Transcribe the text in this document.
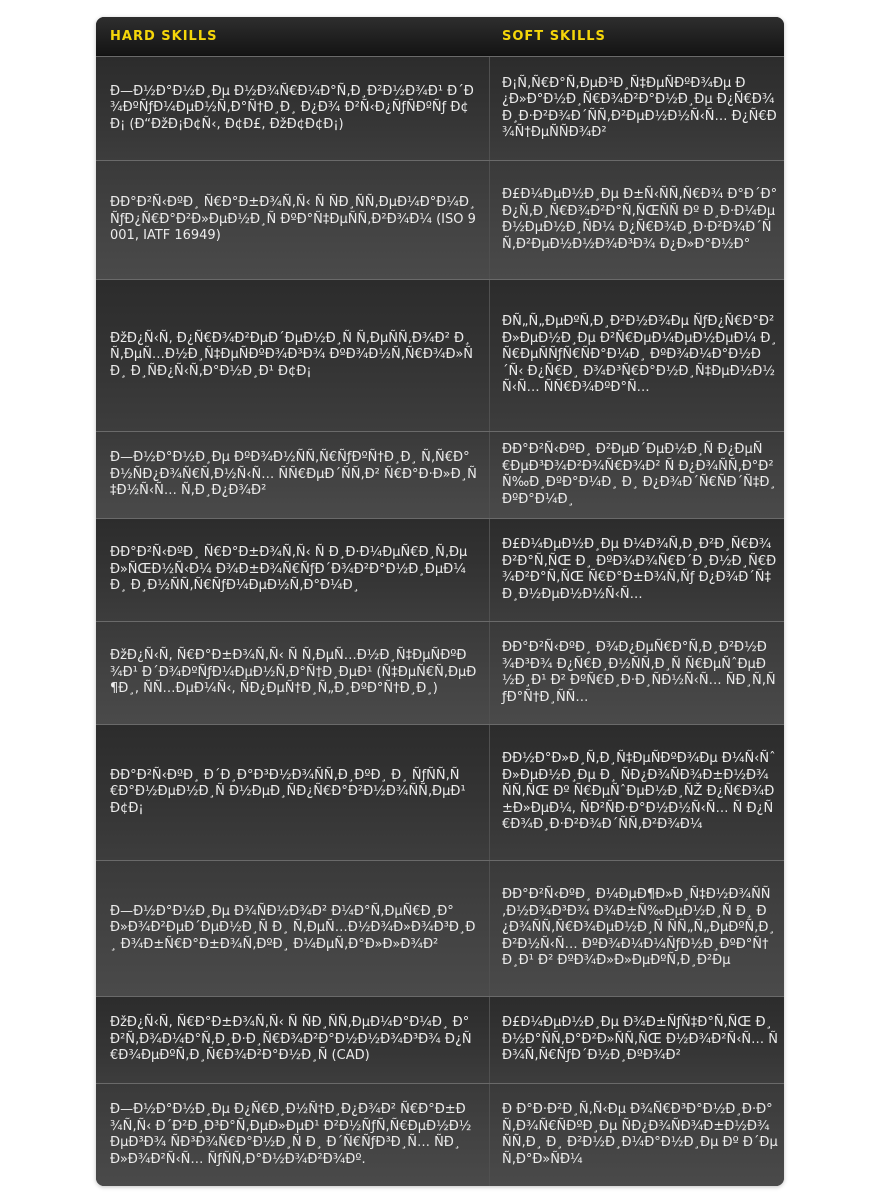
HARD SKILLS	SOFT SKILLS
Ð—Ð½Ð°Ð½Ð¸Ðµ Ð½Ð¾Ñ€Ð¼Ð°Ñ‚Ð¸Ð²Ð½Ð¾Ð¹ Ð´Ð¾ÐºÑƒÐ¼ÐµÐ½Ñ‚Ð°Ñ†Ð¸Ð¸ Ð¿Ð¾ Ð²Ñ‹Ð¿ÑƒÑÐºÑƒ Ð¢Ð¡ (Ð“ÐžÐ¡Ð¢Ñ‹, Ð¢Ð£, ÐžÐ¢Ð¢Ð¡)
Ð¡Ñ‚Ñ€Ð°Ñ‚ÐµÐ³Ð¸Ñ‡ÐµÑÐºÐ¾Ðµ Ð¿Ð»Ð°Ð½Ð¸Ñ€Ð¾Ð²Ð°Ð½Ð¸Ðµ Ð¿Ñ€Ð¾Ð¸Ð·Ð²Ð¾Ð´ÑÑ‚Ð²ÐµÐ½Ð½Ñ‹Ñ… Ð¿Ñ€Ð¾Ñ†ÐµÑÑÐ¾Ð²
ÐÐ°Ð²Ñ‹ÐºÐ¸ Ñ€Ð°Ð±Ð¾Ñ‚Ñ‹ Ñ ÑÐ¸ÑÑ‚ÐµÐ¼Ð°Ð¼Ð¸ ÑƒÐ¿Ñ€Ð°Ð²Ð»ÐµÐ½Ð¸Ñ ÐºÐ°Ñ‡ÐµÑÑ‚Ð²Ð¾Ð¼ (ISO 9001, IATF 16949)
Ð£Ð¼ÐµÐ½Ð¸Ðµ Ð±Ñ‹ÑÑ‚Ñ€Ð¾ Ð°Ð´Ð°Ð¿Ñ‚Ð¸Ñ€Ð¾Ð²Ð°Ñ‚ÑŒÑÑ Ðº Ð¸Ð·Ð¼ÐµÐ½ÐµÐ½Ð¸ÑÐ¼ Ð¿Ñ€Ð¾Ð¸Ð·Ð²Ð¾Ð´ÑÑ‚Ð²ÐµÐ½Ð½Ð¾Ð³Ð¾ Ð¿Ð»Ð°Ð½Ð°
ÐžÐ¿Ñ‹Ñ‚ Ð¿Ñ€Ð¾Ð²ÐµÐ´ÐµÐ½Ð¸Ñ Ñ‚ÐµÑÑ‚Ð¾Ð² Ð¸ Ñ‚ÐµÑ…Ð½Ð¸Ñ‡ÐµÑÐºÐ¾Ð³Ð¾ ÐºÐ¾Ð½Ñ‚Ñ€Ð¾Ð»Ñ Ð¸ Ð¸ÑÐ¿Ñ‹Ñ‚Ð°Ð½Ð¸Ð¹ Ð¢Ð¡
ÐÑ„Ñ„ÐµÐºÑ‚Ð¸Ð²Ð½Ð¾Ðµ ÑƒÐ¿Ñ€Ð°Ð²Ð»ÐµÐ½Ð¸Ðµ Ð²Ñ€ÐµÐ¼ÐµÐ½ÐµÐ¼ Ð¸ Ñ€ÐµÑÑƒÑ€ÑÐ°Ð¼Ð¸ ÐºÐ¾Ð¼Ð°Ð½Ð´Ñ‹ Ð¿Ñ€Ð¸ Ð¾Ð³Ñ€Ð°Ð½Ð¸Ñ‡ÐµÐ½Ð½Ñ‹Ñ… ÑÑ€Ð¾ÐºÐ°Ñ…
Ð—Ð½Ð°Ð½Ð¸Ðµ ÐºÐ¾Ð½ÑÑ‚Ñ€ÑƒÐºÑ†Ð¸Ð¸ Ñ‚Ñ€Ð°Ð½ÑÐ¿Ð¾Ñ€Ñ‚Ð½Ñ‹Ñ… ÑÑ€ÐµÐ´ÑÑ‚Ð² Ñ€Ð°Ð·Ð»Ð¸Ñ‡Ð½Ñ‹Ñ… Ñ‚Ð¸Ð¿Ð¾Ð²
ÐÐ°Ð²Ñ‹ÐºÐ¸ Ð²ÐµÐ´ÐµÐ½Ð¸Ñ Ð¿ÐµÑ€ÐµÐ³Ð¾Ð²Ð¾Ñ€Ð¾Ð² Ñ Ð¿Ð¾ÑÑ‚Ð°Ð²Ñ‰Ð¸ÐºÐ°Ð¼Ð¸ Ð¸ Ð¿Ð¾Ð´Ñ€ÑÐ´Ñ‡Ð¸ÐºÐ°Ð¼Ð¸
ÐÐ°Ð²Ñ‹ÐºÐ¸ Ñ€Ð°Ð±Ð¾Ñ‚Ñ‹ Ñ Ð¸Ð·Ð¼ÐµÑ€Ð¸Ñ‚ÐµÐ»ÑŒÐ½Ñ‹Ð¼ Ð¾Ð±Ð¾Ñ€ÑƒÐ´Ð¾Ð²Ð°Ð½Ð¸ÐµÐ¼ Ð¸ Ð¸Ð½ÑÑ‚Ñ€ÑƒÐ¼ÐµÐ½Ñ‚Ð°Ð¼Ð¸
Ð£Ð¼ÐµÐ½Ð¸Ðµ Ð¼Ð¾Ñ‚Ð¸Ð²Ð¸Ñ€Ð¾Ð²Ð°Ñ‚ÑŒ Ð¸ ÐºÐ¾Ð¾Ñ€Ð´Ð¸Ð½Ð¸Ñ€Ð¾Ð²Ð°Ñ‚ÑŒ Ñ€Ð°Ð±Ð¾Ñ‚Ñƒ Ð¿Ð¾Ð´Ñ‡Ð¸Ð½ÐµÐ½Ð½Ñ‹Ñ…
ÐžÐ¿Ñ‹Ñ‚ Ñ€Ð°Ð±Ð¾Ñ‚Ñ‹ Ñ Ñ‚ÐµÑ…Ð½Ð¸Ñ‡ÐµÑÐºÐ¾Ð¹ Ð´Ð¾ÐºÑƒÐ¼ÐµÐ½Ñ‚Ð°Ñ†Ð¸ÐµÐ¹ (Ñ‡ÐµÑ€Ñ‚ÐµÐ¶Ð¸, ÑÑ…ÐµÐ¼Ñ‹, ÑÐ¿ÐµÑ†Ð¸Ñ„Ð¸ÐºÐ°Ñ†Ð¸Ð¸)
ÐÐ°Ð²Ñ‹ÐºÐ¸ Ð¾Ð¿ÐµÑ€Ð°Ñ‚Ð¸Ð²Ð½Ð¾Ð³Ð¾ Ð¿Ñ€Ð¸Ð½ÑÑ‚Ð¸Ñ Ñ€ÐµÑˆÐµÐ½Ð¸Ð¹ Ð² ÐºÑ€Ð¸Ð·Ð¸ÑÐ½Ñ‹Ñ… ÑÐ¸Ñ‚ÑƒÐ°Ñ†Ð¸ÑÑ…
ÐÐ°Ð²Ñ‹ÐºÐ¸ Ð´Ð¸Ð°Ð³Ð½Ð¾ÑÑ‚Ð¸ÐºÐ¸ Ð¸ ÑƒÑÑ‚Ñ€Ð°Ð½ÐµÐ½Ð¸Ñ Ð½ÐµÐ¸ÑÐ¿Ñ€Ð°Ð²Ð½Ð¾ÑÑ‚ÐµÐ¹ Ð¢Ð¡
ÐÐ½Ð°Ð»Ð¸Ñ‚Ð¸Ñ‡ÐµÑÐºÐ¾Ðµ Ð¼Ñ‹ÑˆÐ»ÐµÐ½Ð¸Ðµ Ð¸ ÑÐ¿Ð¾ÑÐ¾Ð±Ð½Ð¾ÑÑ‚ÑŒ Ðº Ñ€ÐµÑˆÐµÐ½Ð¸ÑŽ Ð¿Ñ€Ð¾Ð±Ð»ÐµÐ¼, ÑÐ²ÑÐ·Ð°Ð½Ð½Ñ‹Ñ… Ñ Ð¿Ñ€Ð¾Ð¸Ð·Ð²Ð¾Ð´ÑÑ‚Ð²Ð¾Ð¼
Ð—Ð½Ð°Ð½Ð¸Ðµ Ð¾ÑÐ½Ð¾Ð² Ð¼Ð°Ñ‚ÐµÑ€Ð¸Ð°Ð»Ð¾Ð²ÐµÐ´ÐµÐ½Ð¸Ñ Ð¸ Ñ‚ÐµÑ…Ð½Ð¾Ð»Ð¾Ð³Ð¸Ð¸ Ð¾Ð±Ñ€Ð°Ð±Ð¾Ñ‚ÐºÐ¸ Ð¼ÐµÑ‚Ð°Ð»Ð»Ð¾Ð²
ÐÐ°Ð²Ñ‹ÐºÐ¸ Ð¼ÐµÐ¶Ð»Ð¸Ñ‡Ð½Ð¾ÑÑ‚Ð½Ð¾Ð³Ð¾ Ð¾Ð±Ñ‰ÐµÐ½Ð¸Ñ Ð¸ Ð¿Ð¾ÑÑ‚Ñ€Ð¾ÐµÐ½Ð¸Ñ ÑÑ„Ñ„ÐµÐºÑ‚Ð¸Ð²Ð½Ñ‹Ñ… ÐºÐ¾Ð¼Ð¼ÑƒÐ½Ð¸ÐºÐ°Ñ†Ð¸Ð¹ Ð² ÐºÐ¾Ð»Ð»ÐµÐºÑ‚Ð¸Ð²Ðµ
ÐžÐ¿Ñ‹Ñ‚ Ñ€Ð°Ð±Ð¾Ñ‚Ñ‹ Ñ ÑÐ¸ÑÑ‚ÐµÐ¼Ð°Ð¼Ð¸ Ð°Ð²Ñ‚Ð¾Ð¼Ð°Ñ‚Ð¸Ð·Ð¸Ñ€Ð¾Ð²Ð°Ð½Ð½Ð¾Ð³Ð¾ Ð¿Ñ€Ð¾ÐµÐºÑ‚Ð¸Ñ€Ð¾Ð²Ð°Ð½Ð¸Ñ (CAD)
Ð£Ð¼ÐµÐ½Ð¸Ðµ Ð¾Ð±ÑƒÑ‡Ð°Ñ‚ÑŒ Ð¸ Ð½Ð°ÑÑ‚Ð°Ð²Ð»ÑÑ‚ÑŒ Ð½Ð¾Ð²Ñ‹Ñ… ÑÐ¾Ñ‚Ñ€ÑƒÐ´Ð½Ð¸ÐºÐ¾Ð²
Ð—Ð½Ð°Ð½Ð¸Ðµ Ð¿Ñ€Ð¸Ð½Ñ†Ð¸Ð¿Ð¾Ð² Ñ€Ð°Ð±Ð¾Ñ‚Ñ‹ Ð´Ð²Ð¸Ð³Ð°Ñ‚ÐµÐ»ÐµÐ¹ Ð²Ð½ÑƒÑ‚Ñ€ÐµÐ½Ð½ÐµÐ³Ð¾ ÑÐ³Ð¾Ñ€Ð°Ð½Ð¸Ñ Ð¸ Ð´Ñ€ÑƒÐ³Ð¸Ñ… ÑÐ¸Ð»Ð¾Ð²Ñ‹Ñ… ÑƒÑÑ‚Ð°Ð½Ð¾Ð²Ð¾Ðº.
Ð Ð°Ð·Ð²Ð¸Ñ‚Ñ‹Ðµ Ð¾Ñ€Ð³Ð°Ð½Ð¸Ð·Ð°Ñ‚Ð¾Ñ€ÑÐºÐ¸Ðµ ÑÐ¿Ð¾ÑÐ¾Ð±Ð½Ð¾ÑÑ‚Ð¸ Ð¸ Ð²Ð½Ð¸Ð¼Ð°Ð½Ð¸Ðµ Ðº Ð´ÐµÑ‚Ð°Ð»ÑÐ¼
